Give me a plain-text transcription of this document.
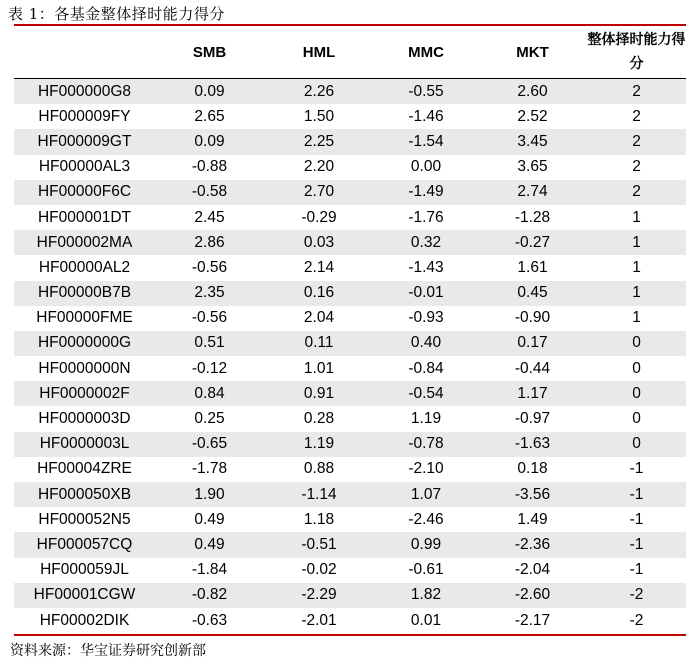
表 1：各基金整体择时能力得分
	SMB	HML	MMC	MKT	整体择时能力得分
HF000000G8	0.09	2.26	-0.55	2.60	2
HF000009FY	2.65	1.50	-1.46	2.52	2
HF000009GT	0.09	2.25	-1.54	3.45	2
HF00000AL3	-0.88	2.20	0.00	3.65	2
HF00000F6C	-0.58	2.70	-1.49	2.74	2
HF000001DT	2.45	-0.29	-1.76	-1.28	1
HF000002MA	2.86	0.03	0.32	-0.27	1
HF00000AL2	-0.56	2.14	-1.43	1.61	1
HF00000B7B	2.35	0.16	-0.01	0.45	1
HF00000FME	-0.56	2.04	-0.93	-0.90	1
HF0000000G	0.51	0.11	0.40	0.17	0
HF0000000N	-0.12	1.01	-0.84	-0.44	0
HF0000002F	0.84	0.91	-0.54	1.17	0
HF0000003D	0.25	0.28	1.19	-0.97	0
HF0000003L	-0.65	1.19	-0.78	-1.63	0
HF00004ZRE	-1.78	0.88	-2.10	0.18	-1
HF000050XB	1.90	-1.14	1.07	-3.56	-1
HF000052N5	0.49	1.18	-2.46	1.49	-1
HF000057CQ	0.49	-0.51	0.99	-2.36	-1
HF000059JL	-1.84	-0.02	-0.61	-2.04	-1
HF00001CGW	-0.82	-2.29	1.82	-2.60	-2
HF00002DIK	-0.63	-2.01	0.01	-2.17	-2
资料来源：华宝证券研究创新部
